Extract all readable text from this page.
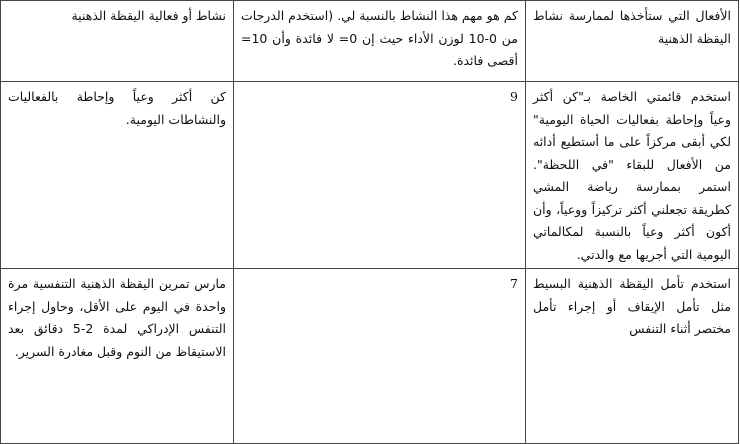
الأفعال التي ستأخذها لممارسة نشاط اليقظة الذهنية	كم هو مهم هذا النشاط بالنسبة لي. (استخدم الدرجات من 0-10 لوزن الأداء حيث إن 0= لا فائدة وأن 10= أقصى فائدة.	نشاط أو فعالية اليقظة الذهنية
استخدم قائمتي الخاصة بـ"كن أكثر وعياً وإحاطة بفعاليات الحياة اليومية" لكي أبقى مركزاً على ما أستطيع أدائه من الأفعال للبقاء "في اللحظة". استمر بممارسة رياضة المشي كطريقة تجعلني أكثر تركيزاً ووعياً، وأن أكون أكثر وعياً بالنسبة لمكالماتي اليومية التي أجريها مع والدتي.	9	كن أكثر وعياً وإحاطة بالفعاليات والنشاطات اليومية.
استخدم تأمل اليقظة الذهنية البسيط مثل تأمل الإيقاف أو إجراء تأمل مختصر أثناء التنفس	7	مارس تمرين اليقظة الذهنية التنفسية مرة واحدة في اليوم على الأقل، وحاول إجراء التنفس الإدراكي لمدة 2-5 دقائق بعد الاستيقاظ من النوم وقبل مغادرة السرير.
